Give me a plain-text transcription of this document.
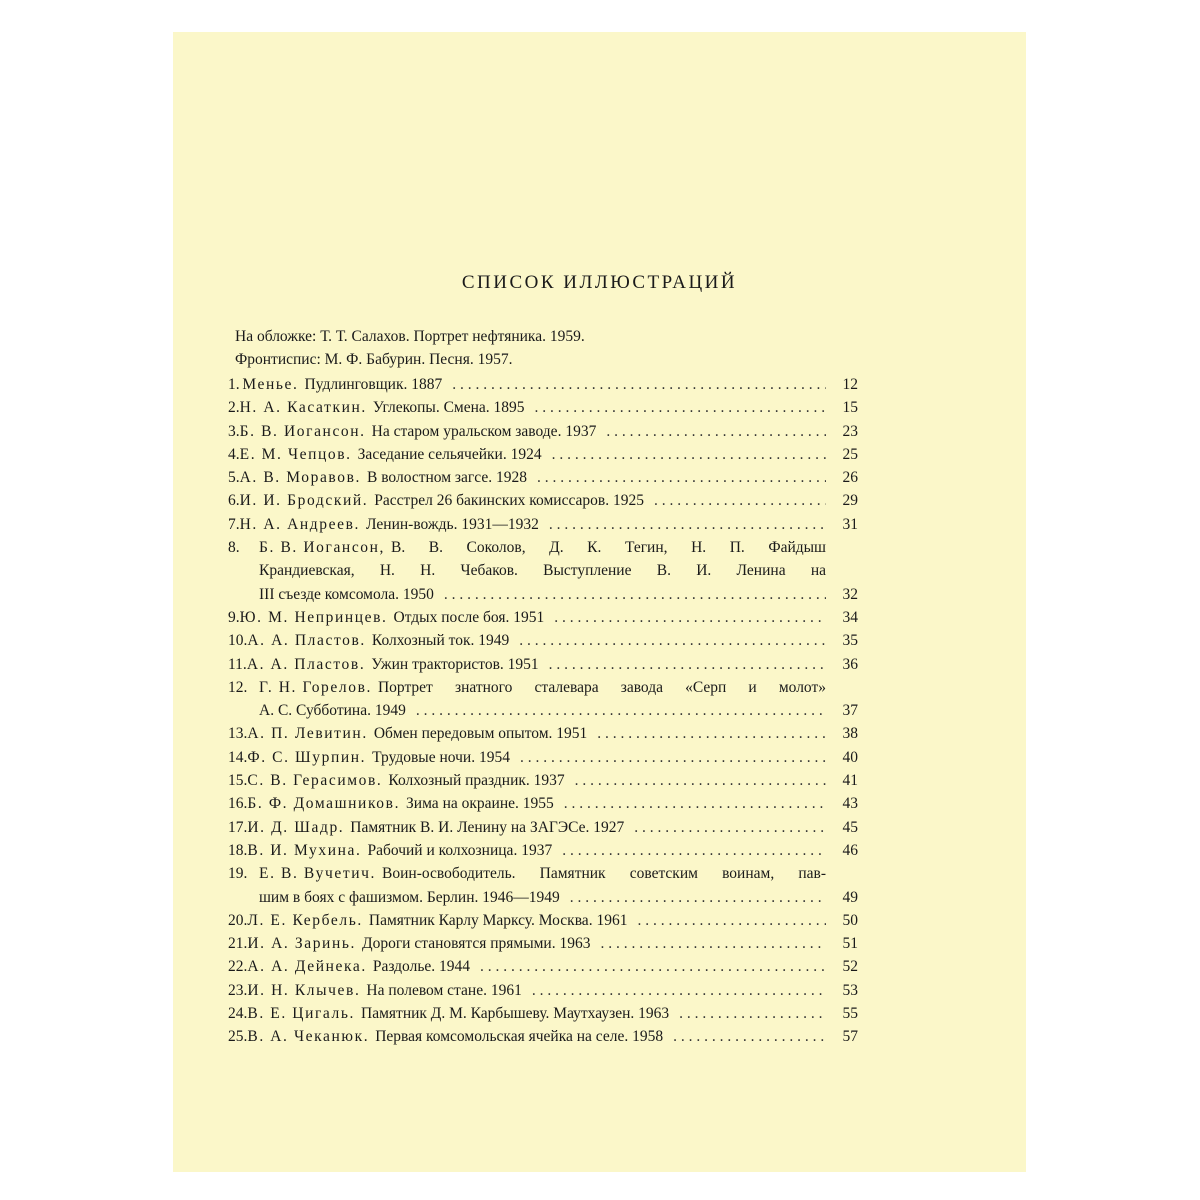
СПИСОК ИЛЛЮСТРАЦИЙ
На обложке: Т. Т. Салахов. Портрет нефтяника. 1959.
Фронтиспис: М. Ф. Бабурин. Песня. 1957.
1. Менье. Пудлинговщик. 1887 . . .	12
2. Н. А. Касаткин. Углекопы. Смена. 1895 . . .	15
3. Б. В. Иогансон. На старом уральском заводе. 1937 . . .	23
4. Е. М. Чепцов. Заседание сельячейки. 1924 . . .	25
5. А. В. Моравов. В волостном загсе. 1928 . . .	26
6. И. И. Бродский. Расстрел 26 бакинских комиссаров. 1925 . . .	29
7. Н. А. Андреев. Ленин-вождь. 1931—1932 . . .	31
8.	Б. В. Иогансон, В. В. Соколов, Д. К. Тегин, Н. П. Файдыш
Крандиевская, Н. Н. Чебаков. Выступление В. И. Ленина на
III съезде комсомола. 1950 . . .	32
9. Ю. М. Непринцев. Отдых после боя. 1951 . . .	34
10. А. А. Пластов. Колхозный ток. 1949 . . .	35
11. А. А. Пластов. Ужин трактористов. 1951 . . .	36
12. Г. Н. Горелов. Портрет знатного сталевара завода «Серп и молот»
А. С. Субботина. 1949 . . .	37
13. А. П. Левитин. Обмен передовым опытом. 1951 . . .	38
14. Ф. С. Шурпин. Трудовые ночи. 1954 . . .	40
15. С. В. Герасимов. Колхозный праздник. 1937 . . .	41
16. Б. Ф. Домашников. Зима на окраине. 1955 . . .	43
17. И. Д. Шадр. Памятник В. И. Ленину на ЗАГЭСе. 1927 . . .	45
18. В. И. Мухина. Рабочий и колхозница. 1937 . . .	46
19. Е. В. Вучетич. Воин-освободитель. Памятник советским воинам, пав-
шим в боях с фашизмом. Берлин. 1946—1949 . . .	49
20. Л. Е. Кербель. Памятник Карлу Марксу. Москва. 1961 . . .	50
21. И. А. Заринь. Дороги становятся прямыми. 1963 . . .	51
22. А. А. Дейнека. Раздолье. 1944 . . .	52
23. И. Н. Клычев. На полевом стане. 1961 . . .	53
24. В. Е. Цигаль. Памятник Д. М. Карбышеву. Маутхаузен. 1963 . . .	55
25. В. А. Чеканюк. Первая комсомольская ячейка на селе. 1958 . . .	57
